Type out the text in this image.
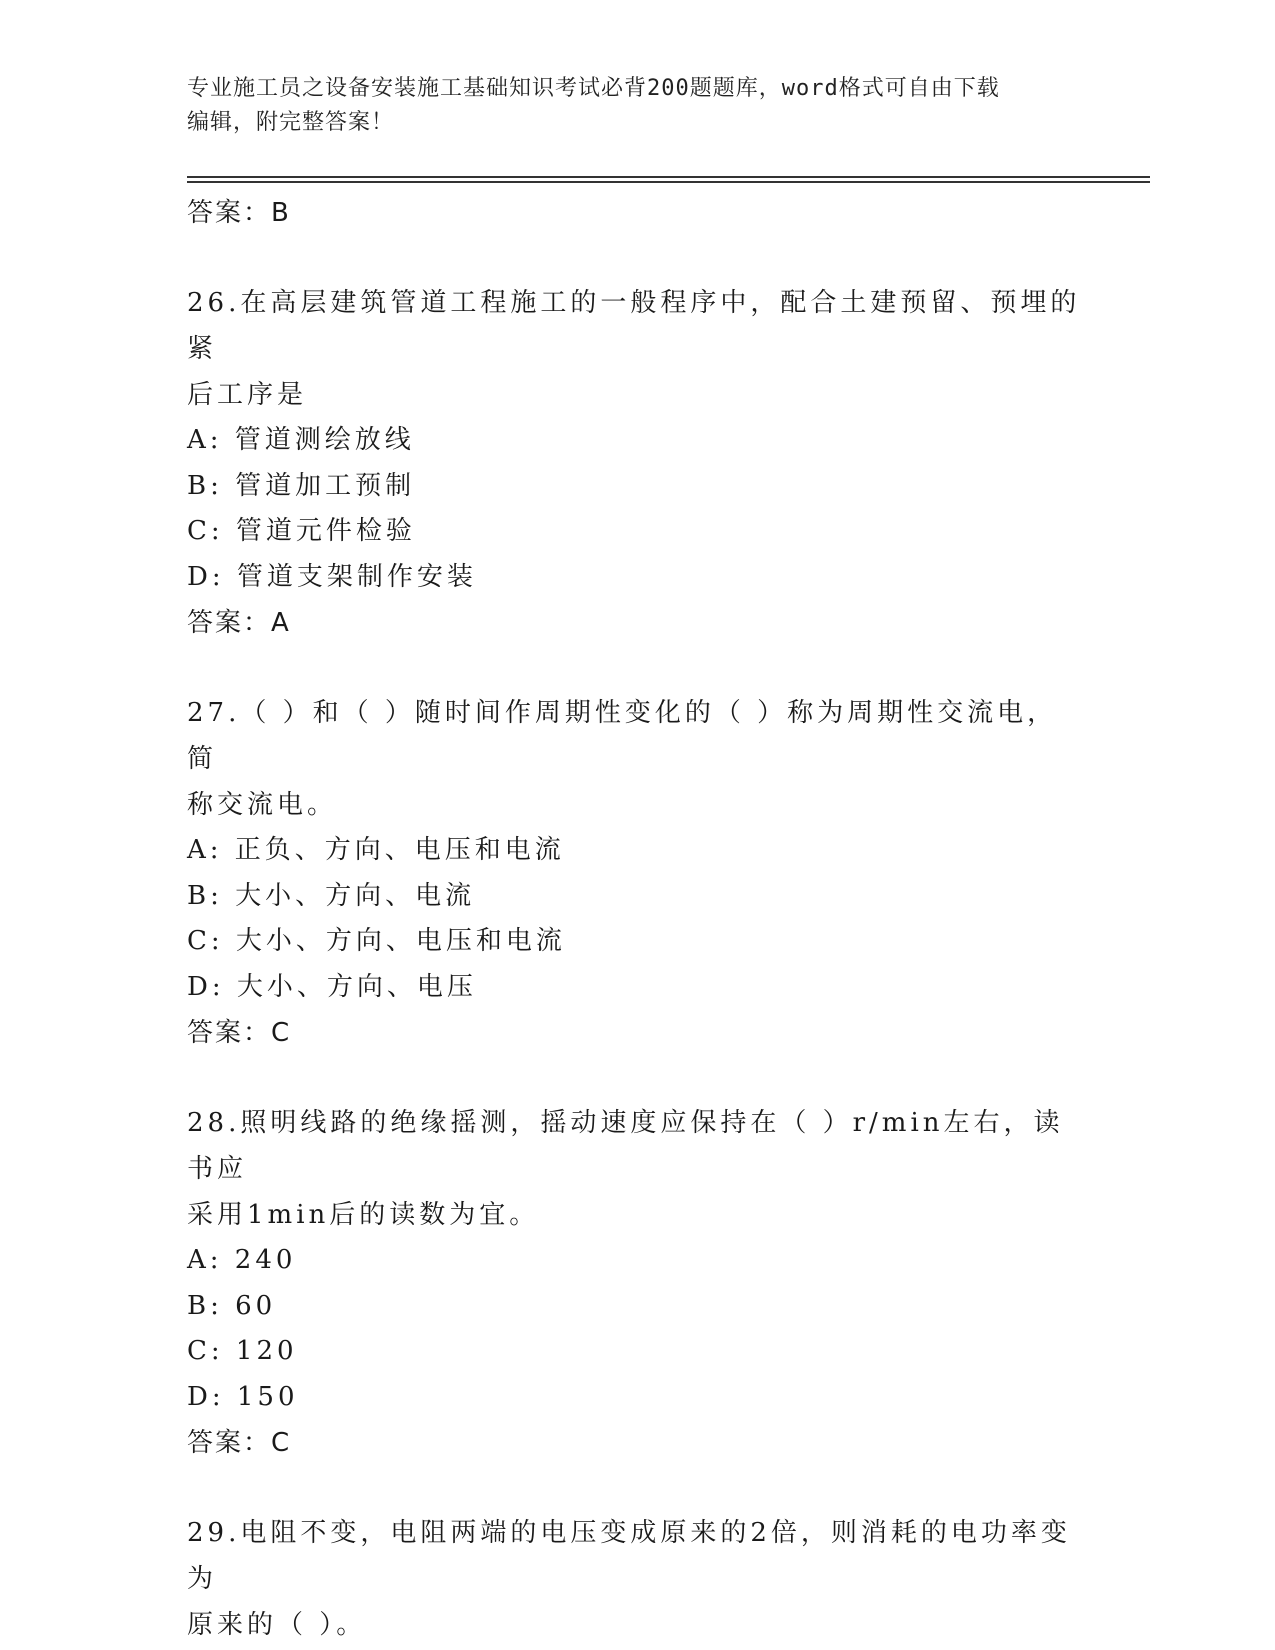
专业施工员之设备安装施工基础知识考试必背200题题库，word格式可自由下载
编辑，附完整答案！

答案：B

26.在高层建筑管道工程施工的一般程序中，配合土建预留、预埋的紧

后工序是

A: 管道测绘放线

B: 管道加工预制

C: 管道元件检验

D: 管道支架制作安装

答案：A

27.（ ）和（ ）随时间作周期性变化的（ ）称为周期性交流电，简

称交流电。

A: 正负、方向、电压和电流

B: 大小、方向、电流

C: 大小、方向、电压和电流

D: 大小、方向、电压

答案：C

28.照明线路的绝缘摇测，摇动速度应保持在（ ）r/min左右，读书应

采用1min后的读数为宜。

A: 240

B: 60

C: 120

D: 150

答案：C

29.电阻不变，电阻两端的电压变成原来的2倍，则消耗的电功率变为

原来的（ ）。
